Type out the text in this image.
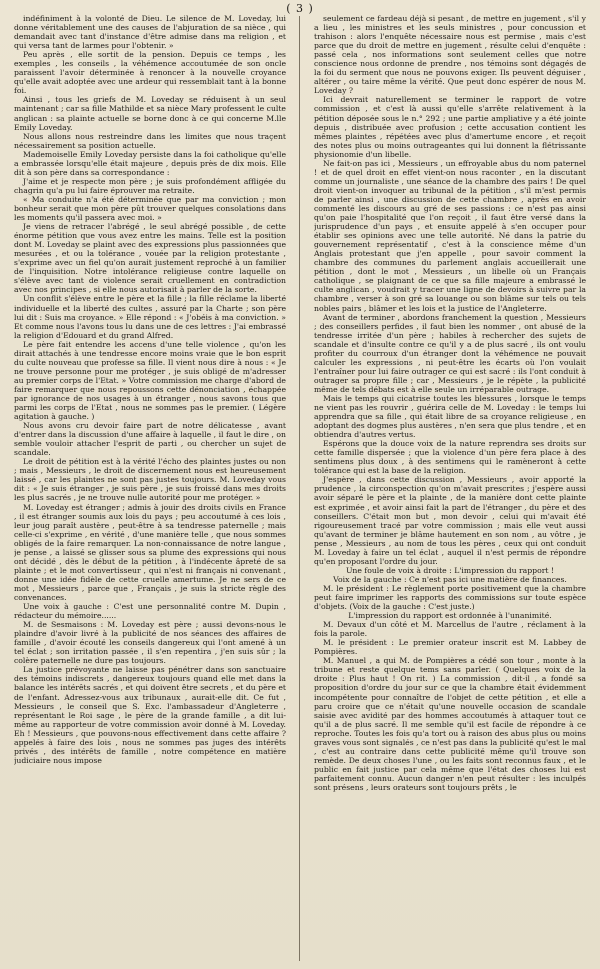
( 3 )

indéfiniment à la volonté de Dieu. Le silence de M. Loveday, lui donne véritablement une des causes de l'abjuration de sa nièce , qui demandait avec tant d'instance d'être admise dans ma religion , et qui versa tant de larmes pour l'obtenir. »

Peu après , elle sortit de la pension. Depuis ce temps , les exemples , les conseils , la véhémence accoutumée de son oncle paraissent l'avoir déterminée à renoncer à la nouvelle croyance qu'elle avait adoptée avec une ardeur qui ressemblait tant à la bonne foi.

Ainsi , tous les griefs de M. Loveday se réduisent à un seul maintenant ; car sa fille Mathilde et sa nièce Mary professent le culte anglican : sa plainte actuelle se borne donc à ce qui concerne M.lle Emily Loveday.

Nous allons nous restreindre dans les limites que nous traçent nécessairement sa position actuelle.

Mademoiselle Emily Loveday persiste dans la foi catholique qu'elle a embrassée lorsqu'elle était majeure , depuis près de dix mois. Elle dit à son père dans sa correspondance :

J'aime et je respecte mon père ; je suis profondément affligée du chagrin qu'a pu lui faire éprouver ma retraite.

« Ma conduite n'a été déterminée que par ma conviction ; mon bonheur serait que mon père pût trouver quelques consolations dans les moments qu'il passera avec moi. »

Je viens de retracer l'abrégé , le seul abrégé possible , de cette énorme pétition que vous avez entre les mains. Telle est la position dont M. Loveday se plaint avec des expressions plus passionnées que mesurées , et ou la tolérance , vouée par la religion protestante , s'exprime avec un fiel qu'on aurait justement reproché à un familier de l'inquisition. Notre intolérance religieuse contre laquelle on s'élève avec tant de violence serait cruellement en contradiction avec nos principes , si elle nous autorisait à parler de la sorte.

Un conflit s'élève entre le père et la fille ; la fille réclame la liberté individuelle et la liberté des cultes , assuré par la Charte ; son père lui dit : Suis ma croyance. » Elle répond : « J'obéis à ma conviction. » Et comme nous l'avons tous lu dans une de ces lettres : J'ai embrassé la religion d'Edouard et du grand Alfred.

Le père fait entendre les accens d'une telle violence , qu'on les dirait attachés à une tendresse encore moins vraie que le bon esprit du culte nouveau que professe sa fille. Il vient nous dire à nous : « Je ne trouve personne pour me protéger , je suis obligé de m'adresser au premier corps de l'Etat. » Votre commission me charge d'abord de faire remarquer que nous repoussons cette dénonciation , échappée par ignorance de nos usages à un étranger , nous savons tous que parmi les corps de l'Etat , nous ne sommes pas le premier. ( Légère agitation à gauche. )

Nous avons cru devoir faire part de notre délicatesse , avant d'entrer dans la discussion d'une affaire à laquelle , il faut le dire , on semble vouloir attacher l'esprit de parti , ou chercher un sujet de scandale.

Le droit de pétition est à la vérité l'écho des plaintes justes ou non ; mais , Messieurs , le droit de discernement nous est heureusement laissé , car les plaintes ne sont pas justes toujours. M. Loveday vous dit : « Je suis étranger , je suis père , je suis froissé dans mes droits les plus sacrés , je ne trouve nulle autorité pour me protéger. »

M. Loveday est étranger ; admis à jouir des droits civils en France , il est étranger soumis aux lois du pays ; peu accoutumé à ces lois , leur joug paraît austère , peut-être à sa tendresse paternelle ; mais celle-ci s'exprime , en vérité , d'une manière telle , que nous sommes obligés de la faire remarquer. La non-connaissance de notre langue , je pense , a laissé se glisser sous sa plume des expressions qui nous ont décidé , dès le début de la pétition , à l'indécente âpreté de sa plainte ; et le mot convertisseur , qui n'est ni français ni convenant , donne une idée fidèle de cette cruelle amertume. Je ne sers de ce mot , Messieurs , parce que , Français , je suis la stricte règle des convenances.

Une voix à gauche : C'est une personnalité contre M. Dupin , rédacteur du mémoire......

M. de Sesmaisons : M. Loveday est père ; aussi devons-nous le plaindre d'avoir livré à la publicité de nos séances des affaires de famille , d'avoir écouté les conseils dangereux qui l'ont amené à un tel éclat ; son irritation passée , il s'en repentira , j'en suis sûr ; la colère paternelle ne dure pas toujours.

La justice prévoyante ne laisse pas pénétrer dans son sanctuaire des témoins indiscrets , dangereux toujours quand elle met dans la balance les intérêts sacrés , et qui doivent être secrets , et du père et de l'enfant. Adressez-vous aux tribunaux , aurait-elle dit. Ce fut , Messieurs , le conseil que S. Exc. l'ambassadeur d'Angleterre , représentant le Roi sage , le père de la grande famille , a dit lui-même au rapporteur de votre commission avoir donné à M. Loveday. Eh ! Messieurs , que pouvons-nous effectivement dans cette affaire ? appelés à faire des lois , nous ne sommes pas juges des intérêts privés , des intérêts de famille , notre compétence en matière judiciaire nous impose

seulement ce fardeau déjà si pesant , de mettre en jugement , s'il y a lieu , les ministres et les seuls ministres , pour concussion et trahison : alors l'enquête nécessaire nous est permise , mais c'est parce que du droit de mettre en jugement , résulte celui d'enquête : passé cela , nos informations sont seulement celles que notre conscience nous ordonne de prendre , nos témoins sont dégagés de la foi du serment que nous ne pouvons exiger. Ils peuvent déguiser , altérer , ou taire même la vérité. Que peut donc espérer de nous M. Loveday ?

Ici devrait naturellement se terminer le rapport de votre commission , et c'est là aussi qu'elle s'arrête relativement à la pétition déposée sous le n.° 292 ; une partie ampliative y a été jointe depuis , distribuée avec profusion ; cette accusation contient les mêmes plaintes , répétées avec plus d'amertume encore , et reçoit des notes plus ou moins outrageantes qui lui donnent la flétrissante physionomie d'un libelle.

Ne fait-on pas ici , Messieurs , un effroyable abus du nom paternel ! et de quel droit en effet vient-on nous raconter , en la discutant comme un journaliste , une séance de la chambre des pairs ! De quel droit vient-on invoquer au tribunal de la pétition , s'il m'est permis de parler ainsi , une discussion de cette chambre , après en avoir commenté les discours au gré de ses passions : ce n'est pas ainsi qu'on paie l'hospitalité que l'on reçoit , il faut être versé dans la jurisprudence d'un pays , et ensuite appelé à s'en occuper pour établir ses opinions avec une telle autorité. Né dans la patrie du gouvernement représentatif , c'est à la conscience même d'un Anglais protestant que j'en appelle , pour savoir comment la chambre des communes du parlement anglais accueillerait une pétition , dont le mot , Messieurs , un libelle où un Français catholique , se plaignant de ce que sa fille majeure a embrassé le culte anglican , voudrait y tracer une ligne de devoirs à suivre par la chambre , verser à son gré sa louange ou son blâme sur tels ou tels nobles pairs , blâmer et les lois et la justice de l'Angleterre.

Avant de terminer , abordons franchement la question , Messieurs ; des conseillers perfides , il faut bien les nommer , ont abusé de la tendresse irritée d'un père ; habiles à rechercher des sujets de scandale et d'insulte contre ce qu'il y a de plus sacré , ils ont voulu profiter du courroux d'un étranger dont la véhémence ne pouvait calculer les expressions , ni peut-être les écarts où l'on voulait l'entraîner pour lui faire outrager ce qui est sacré : ils l'ont conduit à outrager sa propre fille ; car , Messieurs , je le répète , la publicité même de tels débats est à elle seule un irréparable outrage.

Mais le temps qui cicatrise toutes les blessures , lorsque le temps ne vient pas les rouvrir , guérira celle de M. Loveday : le temps lui apprendra que sa fille , qui était libre de sa croyance religieuse , en adoptant des dogmes plus austères , n'en sera que plus tendre , et en obtiendra d'autres vertus.

Espérons que la douce voix de la nature reprendra ses droits sur cette famille dispersée ; que la violence d'un père fera place à des sentimens plus doux , à des sentimens qui le ramèneront à cette tolérance qui est la base de la religion.

J'espère , dans cette discussion , Messieurs , avoir apporté la prudence , la circonspection qu'on m'avait prescrites ; j'espère aussi avoir séparé le père et la plainte , de la manière dont cette plainte est exprimée , et avoir ainsi fait la part de l'étranger , du père et des conseillers. C'était mon but , mon devoir , celui qui m'avait été rigoureusement tracé par votre commission ; mais elle veut aussi qu'avant de terminer je blâme hautement en son nom , au vôtre , je pense , Messieurs , au nom de tous les pères , ceux qui ont conduit M. Loveday à faire un tel éclat , auquel il n'est permis de répondre qu'en proposant l'ordre du jour.

Une foule de voix à droite : L'impression du rapport !

Voix de la gauche : Ce n'est pas ici une matière de finances.

M. le président : Le règlement porte positivement que la chambre peut faire imprimer les rapports des commissions sur toute espèce d'objets. (Voix de la gauche : C'est juste.)

L'impression du rapport est ordonnée à l'unanimité.

M. Devaux d'un côté et M. Marcellus de l'autre , réclament à la fois la parole.

M. le président : Le premier orateur inscrit est M. Labbey de Pompières.

M. Manuel , a qui M. de Pompières a cédé son tour , monte à la tribune et reste quelque tems sans parler. ( Quelques voix de la droite : Plus haut ! On rit. ) La commission , dit-il , a fondé sa proposition d'ordre du jour sur ce que la chambre était évidemment incompétente pour connaître de l'objet de cette pétition , et elle a paru croire que ce n'était qu'une nouvelle occasion de scandale saisie avec avidité par des hommes accoutumés à attaquer tout ce qu'il a de plus sacré. Il me semble qu'il est facile de répondre à ce reproche. Toutes les fois qu'a tort ou à raison des abus plus ou moins graves vous sont signalés , ce n'est pas dans la publicité qu'est le mal , c'est au contraire dans cette publicité même qu'il trouve son remède. De deux choses l'une , ou les faits sont reconnus faux , et le public en fait justice par cela même que l'état des choses lui est parfaitement connu. Aucun danger n'en peut résulter : les inculpés sont présens , leurs orateurs sont toujours prêts , le
